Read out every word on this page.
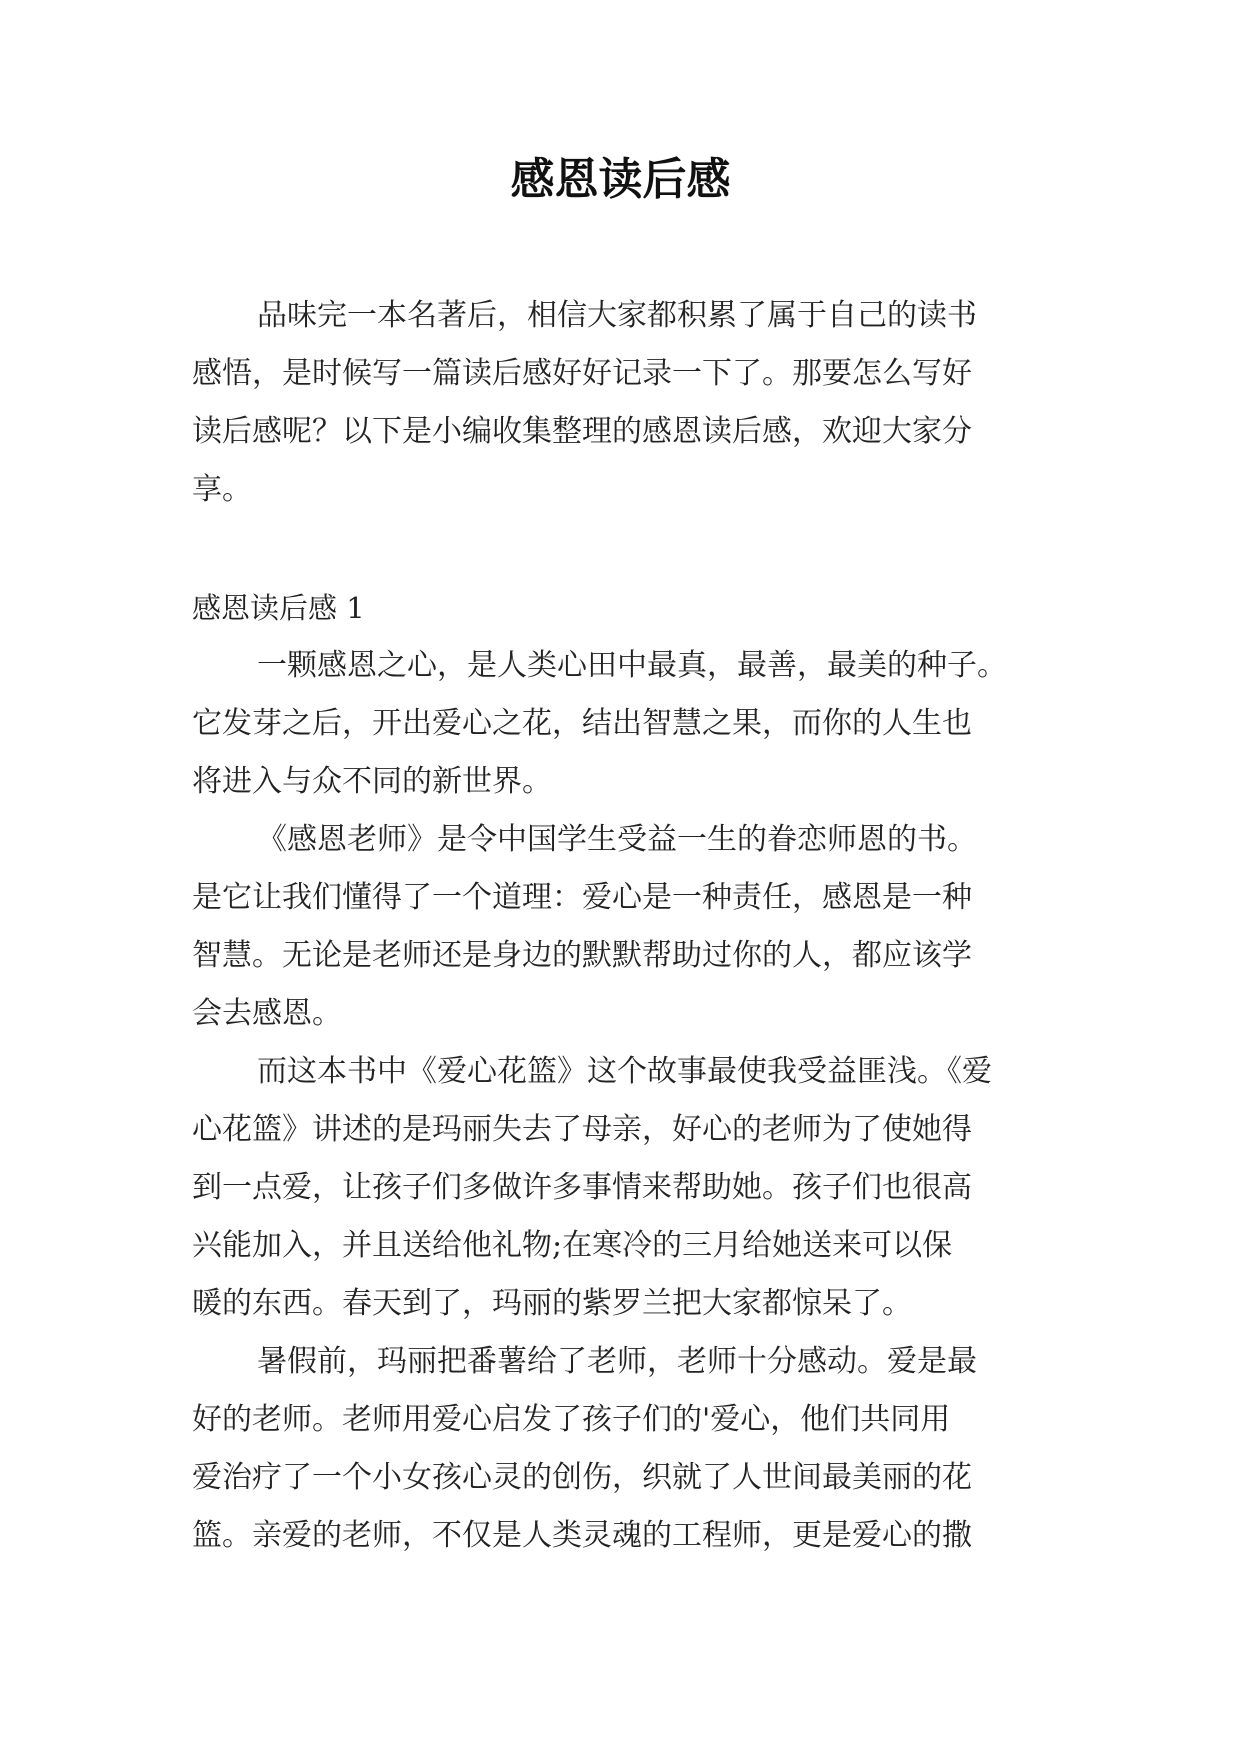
感恩读后感

品味完一本名著后，相信大家都积累了属于自己的读书

感悟，是时候写一篇读后感好好记录一下了。那要怎么写好

读后感呢？以下是小编收集整理的感恩读后感，欢迎大家分

享。

感恩读后感 1

一颗感恩之心，是人类心田中最真，最善，最美的种子。

它发芽之后，开出爱心之花，结出智慧之果，而你的人生也

将进入与众不同的新世界。

《感恩老师》是令中国学生受益一生的眷恋师恩的书。

是它让我们懂得了一个道理：爱心是一种责任，感恩是一种

智慧。无论是老师还是身边的默默帮助过你的人，都应该学

会去感恩。

而这本书中《爱心花篮》这个故事最使我受益匪浅。《爱

心花篮》讲述的是玛丽失去了母亲，好心的老师为了使她得

到一点爱，让孩子们多做许多事情来帮助她。孩子们也很高

兴能加入，并且送给他礼物;在寒冷的三月给她送来可以保

暖的东西。春天到了，玛丽的紫罗兰把大家都惊呆了。

暑假前，玛丽把番薯给了老师，老师十分感动。爱是最

好的老师。老师用爱心启发了孩子们的'爱心，他们共同用

爱治疗了一个小女孩心灵的创伤，织就了人世间最美丽的花

篮。亲爱的老师，不仅是人类灵魂的工程师，更是爱心的撒
